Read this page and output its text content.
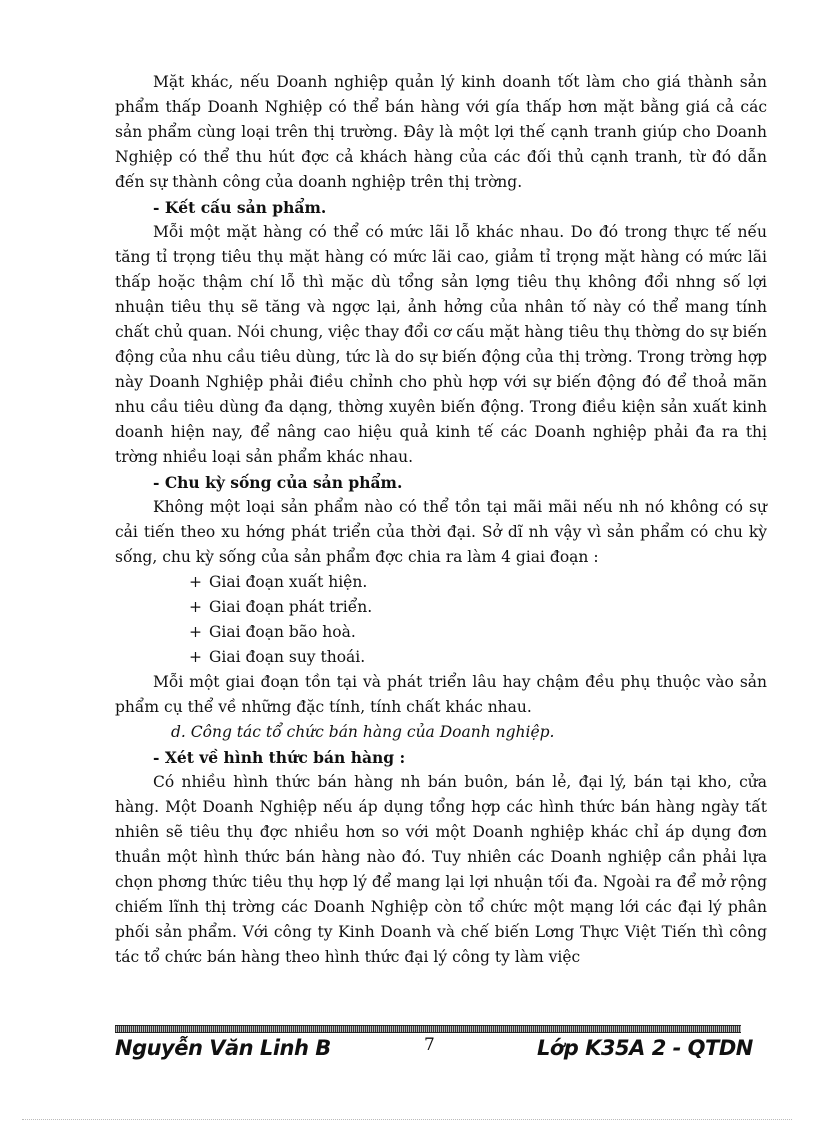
Mặt khác, nếu Doanh nghiệp quản lý kinh doanh tốt làm cho giá thành sản phẩm thấp Doanh Nghiệp có thể bán hàng với gía thấp hơn mặt bằng giá cả các sản phẩm cùng loại trên thị trường. Đây là một lợi thế cạnh tranh giúp cho Doanh Nghiệp có thể thu hút đợc cả khách hàng của các đối thủ cạnh tranh, từ đó dẫn đến sự thành công của doanh nghiệp trên thị trờng.

- Kết cấu sản phẩm.

Mỗi một mặt hàng có thể có mức lãi lỗ khác nhau. Do đó trong thực tế nếu tăng tỉ trọng tiêu thụ mặt hàng có mức lãi cao, giảm tỉ trọng mặt hàng có mức lãi thấp hoặc thậm chí lỗ thì mặc dù tổng sản lợng tiêu thụ không đổi nhng số lợi nhuận tiêu thụ sẽ tăng và ngợc lại, ảnh hởng của nhân tố này có thể mang tính chất chủ quan. Nói chung, việc thay đổi cơ cấu mặt hàng tiêu thụ thờng do sự biến động của nhu cầu tiêu dùng, tức là do sự biến động của thị trờng. Trong trờng hợp này Doanh Nghiệp phải điều chỉnh cho phù hợp với sự biến động đó để thoả mãn nhu cầu tiêu dùng đa dạng, thờng xuyên biến động. Trong điều kiện sản xuất kinh doanh hiện nay, để nâng cao hiệu quả kinh tế các Doanh nghiệp phải đa ra thị trờng nhiều loại sản phẩm khác nhau.

- Chu kỳ sống của sản phẩm.

Không một loại sản phẩm nào có thể tồn tại mãi mãi nếu nh nó không có sự cải tiến theo xu hớng phát triển của thời đại. Sở dĩ nh vậy vì sản phẩm có chu kỳ sống, chu kỳ sống của sản phẩm đợc chia ra làm 4 giai đoạn :

+ Giai đoạn xuất hiện.
+ Giai đoạn phát triển.
+ Giai đoạn bão hoà.
+ Giai đoạn suy thoái.

Mỗi một giai đoạn tồn tại và phát triển lâu hay chậm đều phụ thuộc vào sản phẩm cụ thể về những đặc tính, tính chất khác nhau.

d. Công tác tổ chức bán hàng của Doanh nghiệp.

- Xét về hình thức bán hàng :

Có nhiều hình thức bán hàng nh bán buôn, bán lẻ, đại lý, bán tại kho, cửa hàng. Một Doanh Nghiệp nếu áp dụng tổng hợp các hình thức bán hàng ngày tất nhiên sẽ tiêu thụ đợc nhiều hơn so với một Doanh nghiệp khác chỉ áp dụng đơn thuần một hình thức bán hàng nào đó. Tuy nhiên các Doanh nghiệp cần phải lựa chọn phơng thức tiêu thụ hợp lý để mang lại lợi nhuận tối đa. Ngoài ra để mở rộng chiếm lĩnh thị trờng các Doanh Nghiệp còn tổ chức một mạng lới các đại lý phân phối sản phẩm. Với công ty Kinh Doanh và chế biến Lơng Thực Việt Tiến thì công tác tổ chức bán hàng theo hình thức đại lý công ty làm việc

Nguyễn Văn Linh B	7	Lớp K35A 2 - QTDN
